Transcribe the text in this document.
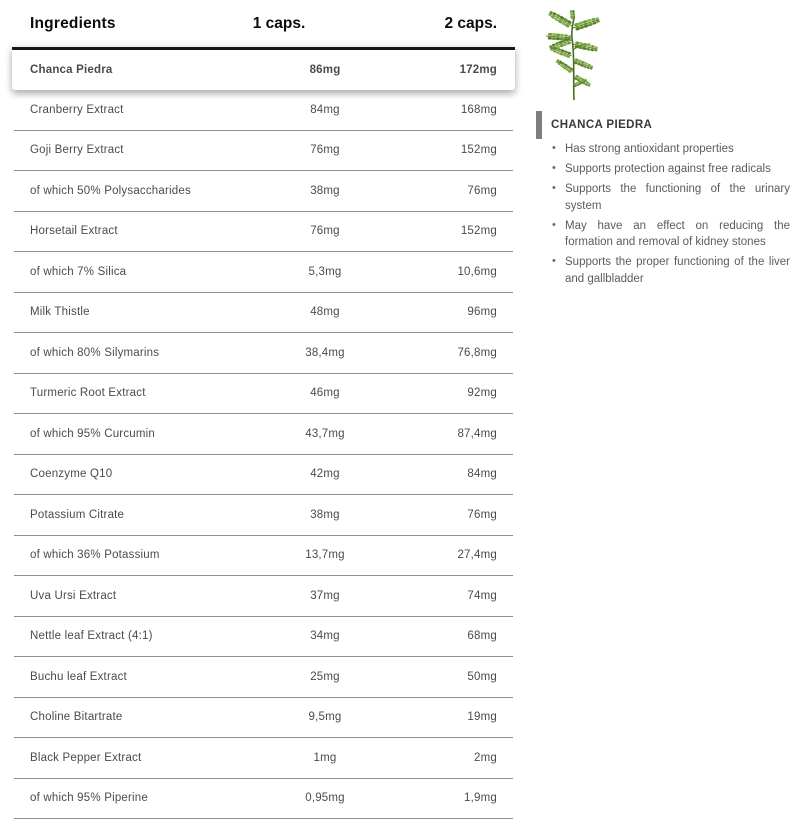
Ingredients	1 caps.	2 caps.
Chanca Piedra	86mg	172mg
Cranberry Extract	84mg	168mg
Goji Berry Extract	76mg	152mg
of which 50% Polysaccharides	38mg	76mg
Horsetail Extract	76mg	152mg
of which 7% Silica	5,3mg	10,6mg
Milk Thistle	48mg	96mg
of which 80% Silymarins	38,4mg	76,8mg
Turmeric Root Extract	46mg	92mg
of which 95% Curcumin	43,7mg	87,4mg
Coenzyme Q10	42mg	84mg
Potassium Citrate	38mg	76mg
of which 36% Potassium	13,7mg	27,4mg
Uva Ursi Extract	37mg	74mg
Nettle leaf Extract (4:1)	34mg	68mg
Buchu leaf Extract	25mg	50mg
Choline Bitartrate	9,5mg	19mg
Black Pepper Extract	1mg	2mg
of which 95% Piperine	0,95mg	1,9mg
CHANCA PIEDRA
• Has strong antioxidant properties
• Supports protection against free radicals
• Supports the functioning of the urinary system
• May have an effect on reducing the formation and removal of kidney stones
• Supports the proper functioning of the liver and gallbladder
